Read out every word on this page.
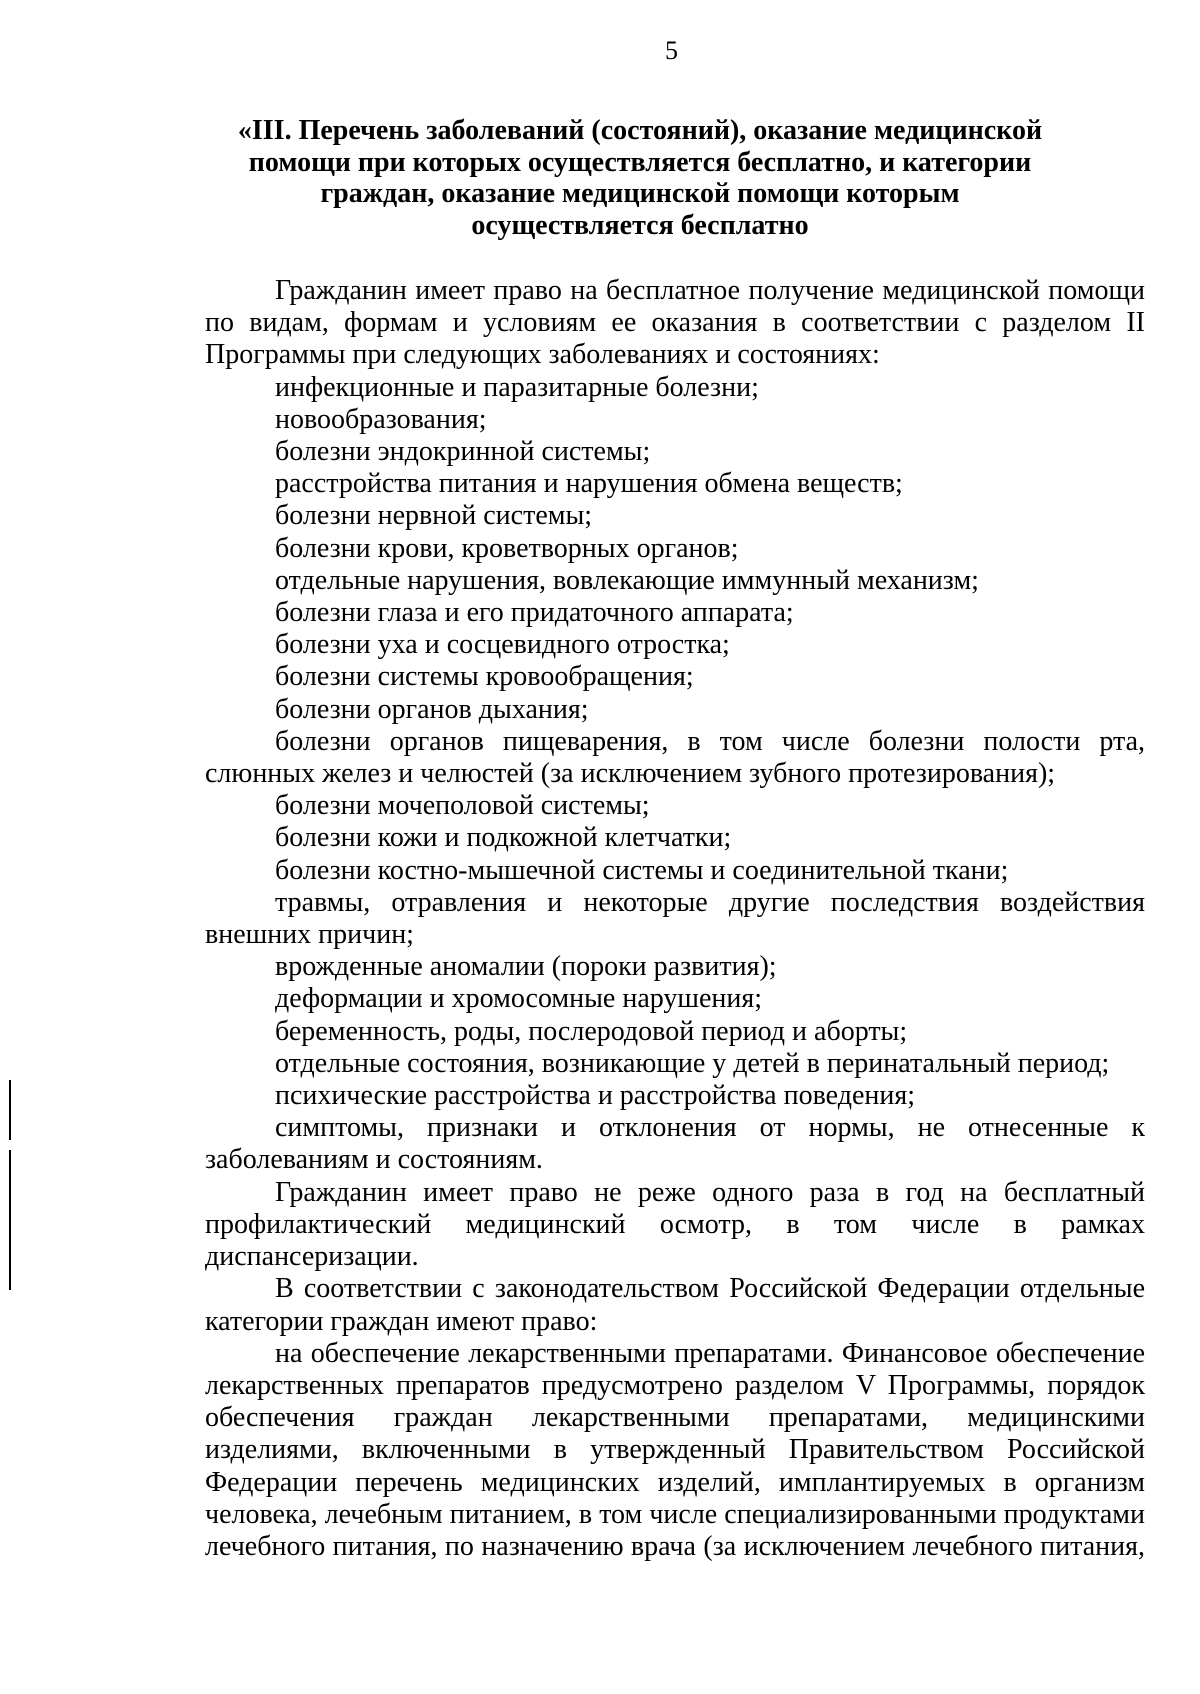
5
«III. Перечень заболеваний (состояний), оказание медицинской
помощи при которых осуществляется бесплатно, и категории
граждан, оказание медицинской помощи которым
осуществляется бесплатно

Гражданин имеет право на бесплатное получение медицинской помощи по видам, формам и условиям ее оказания в соответствии с разделом II Программы при следующих заболеваниях и состояниях:

инфекционные и паразитарные болезни;

новообразования;

болезни эндокринной системы;

расстройства питания и нарушения обмена веществ;

болезни нервной системы;

болезни крови, кроветворных органов;

отдельные нарушения, вовлекающие иммунный механизм;

болезни глаза и его придаточного аппарата;

болезни уха и сосцевидного отростка;

болезни системы кровообращения;

болезни органов дыхания;

болезни органов пищеварения, в том числе болезни полости рта, слюнных желез и челюстей (за исключением зубного протезирования);

болезни мочеполовой системы;

болезни кожи и подкожной клетчатки;

болезни костно-мышечной системы и соединительной ткани;

травмы, отравления и некоторые другие последствия воздействия внешних причин;

врожденные аномалии (пороки развития);

деформации и хромосомные нарушения;

беременность, роды, послеродовой период и аборты;

отдельные состояния, возникающие у детей в перинатальный период;

психические расстройства и расстройства поведения;

симптомы, признаки и отклонения от нормы, не отнесенные к заболеваниям и состояниям.

Гражданин имеет право не реже одного раза в год на бесплатный профилактический медицинский осмотр, в том числе в рамках диспансеризации.

В соответствии с законодательством Российской Федерации отдельные категории граждан имеют право:

на обеспечение лекарственными препаратами. Финансовое обеспечение лекарственных препаратов предусмотрено разделом V Программы, порядок обеспечения граждан лекарственными препаратами, медицинскими изделиями, включенными в утвержденный Правительством Российской Федерации перечень медицинских изделий, имплантируемых в организм человека, лечебным питанием, в том числе специализированными продуктами лечебного питания, по назначению врача (за исключением лечебного питания,
